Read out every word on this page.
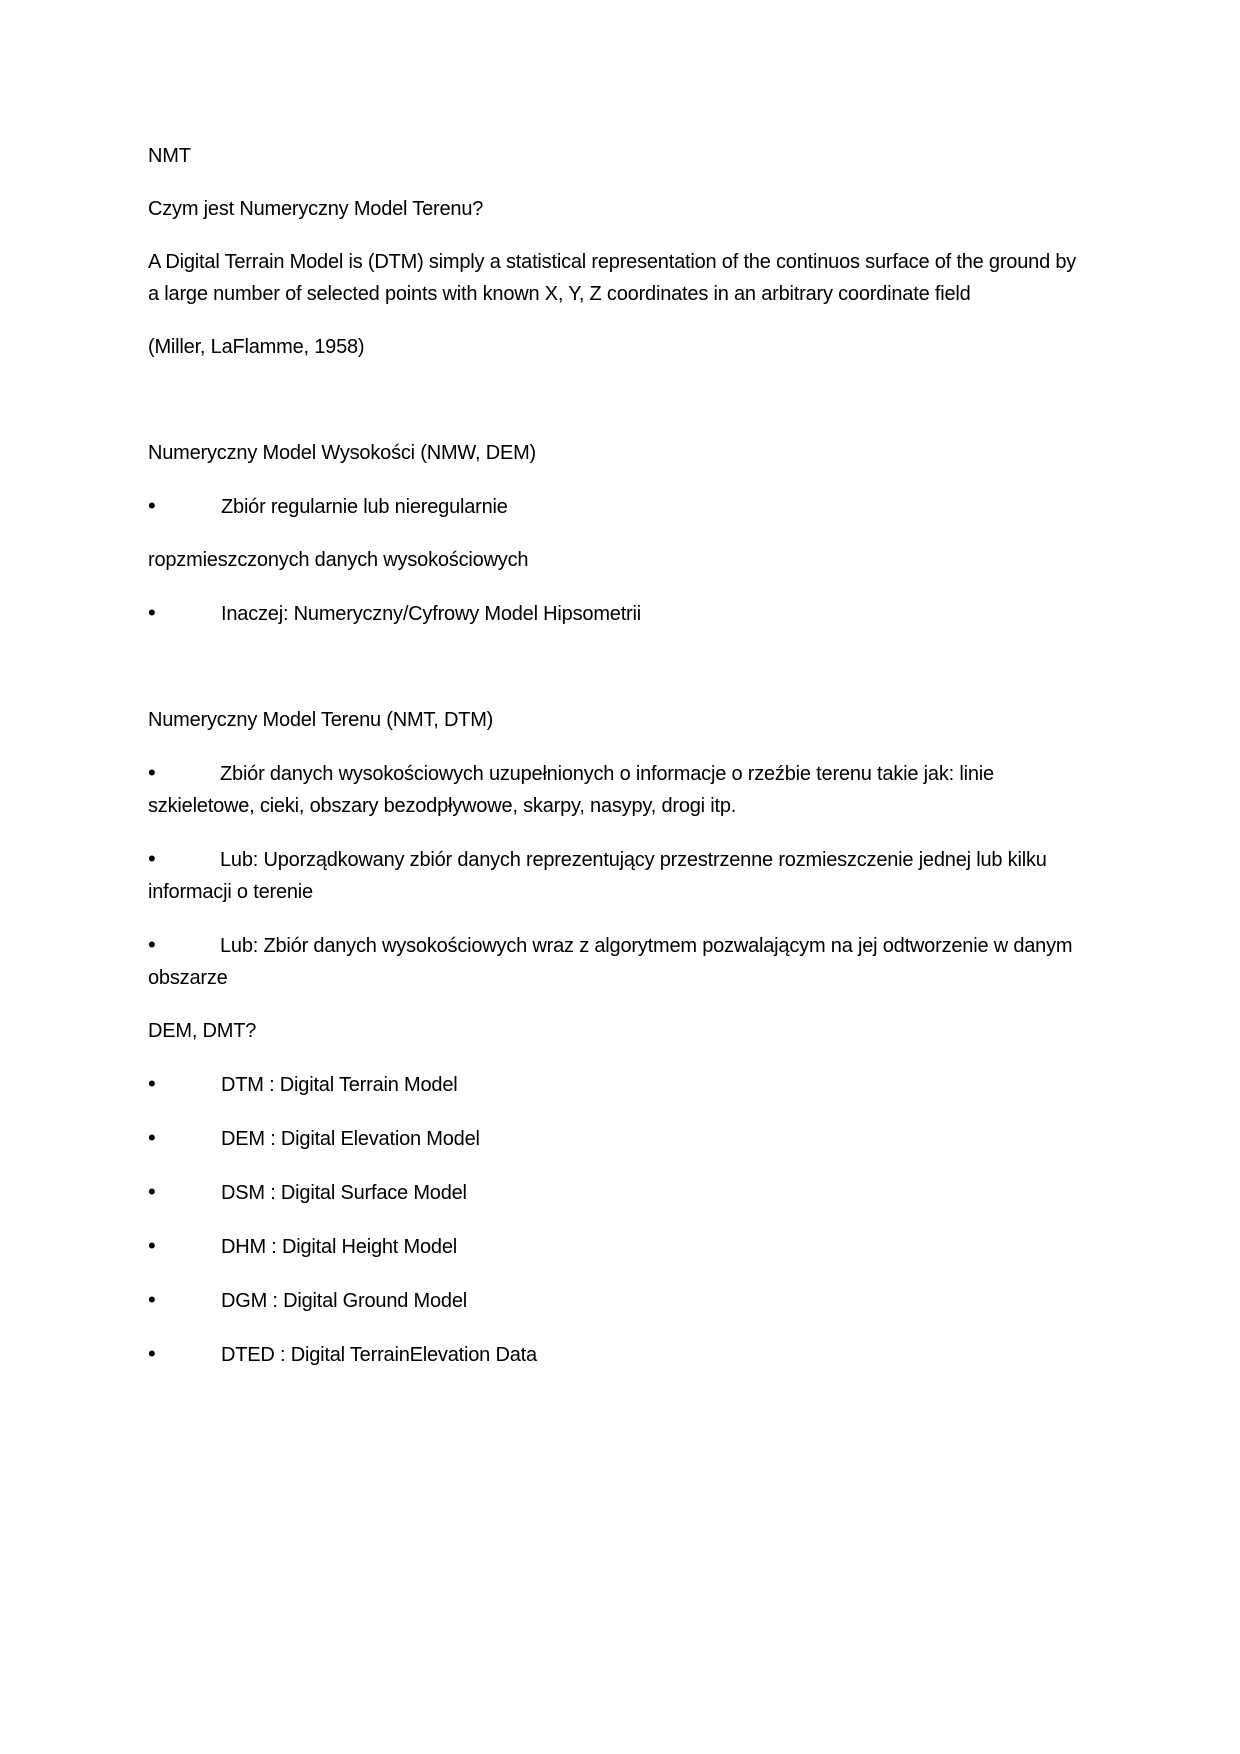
NMT

Czym jest Numeryczny Model Terenu?

A Digital Terrain Model is (DTM) simply a statistical representation of the continuos surface of the ground by a large number of selected points with known X, Y, Z coordinates in an arbitrary coordinate field

(Miller, LaFlamme, 1958)

Numeryczny Model Wysokości (NMW, DEM)

•
Zbiór regularnie lub nieregularnie

ropzmieszczonych danych wysokościowych

•
Inaczej: Numeryczny/Cyfrowy Model Hipsometrii

Numeryczny Model Terenu (NMT, DTM)

•Zbiór danych wysokościowych uzupełnionych o informacje o rzeźbie terenu takie jak: linie szkieletowe, cieki, obszary bezodpływowe, skarpy, nasypy, drogi itp.

•Lub: Uporządkowany zbiór danych reprezentujący przestrzenne rozmieszczenie jednej lub kilku informacji o terenie

•Lub: Zbiór danych wysokościowych wraz z algorytmem pozwalającym na jej odtworzenie w danym obszarze

DEM, DMT?

•
DTM : Digital Terrain Model
•
DEM : Digital Elevation Model
•
DSM : Digital Surface Model
•
DHM : Digital Height Model
•
DGM : Digital Ground Model
•
DTED : Digital TerrainElevation Data
